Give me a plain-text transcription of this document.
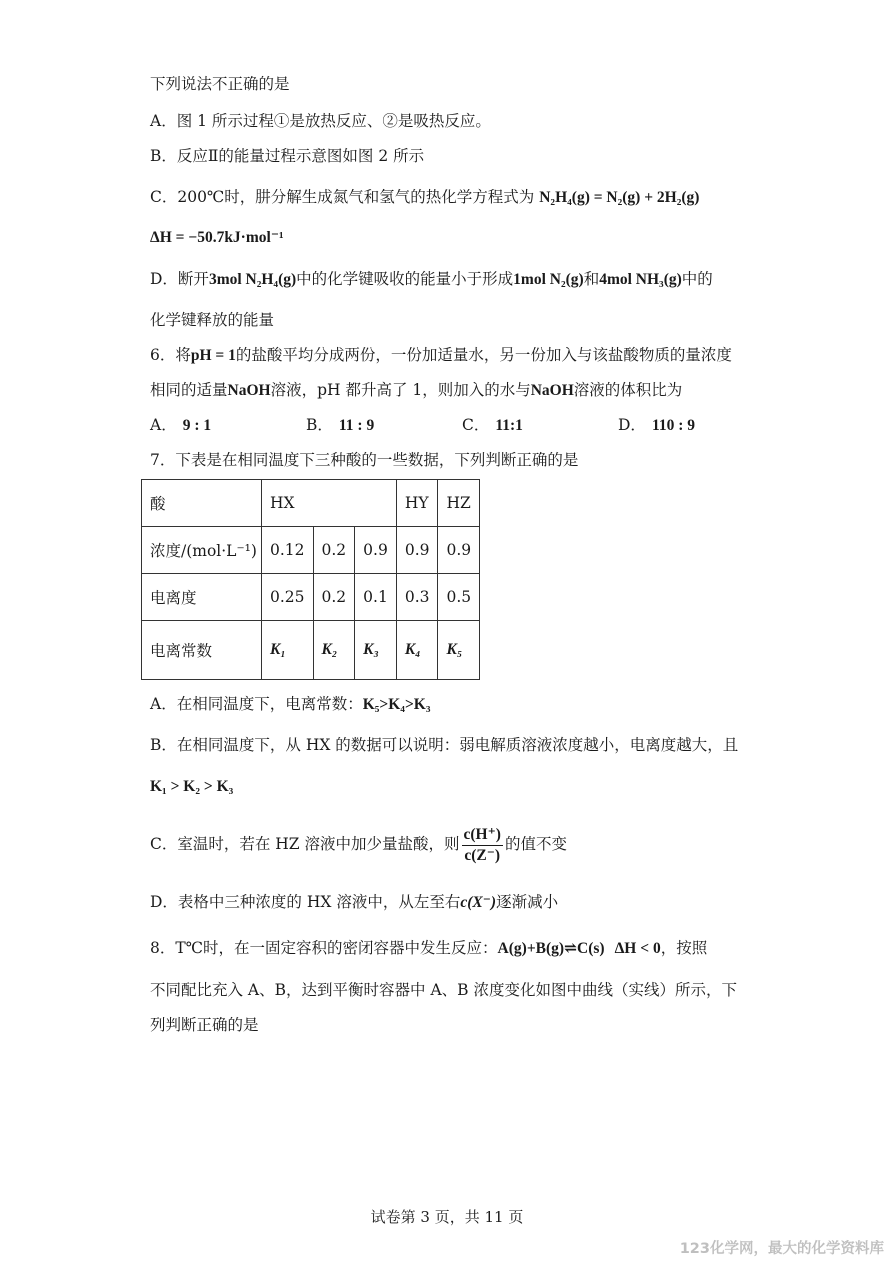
下列说法不正确的是
A．图 1 所示过程①是放热反应、②是吸热反应。
B．反应Ⅱ的能量过程示意图如图 2 所示
C．200℃时，肼分解生成氮气和氢气的热化学方程式为 N₂H₄(g) = N₂(g) + 2H₂(g)
ΔH = −50.7kJ·mol⁻¹
D．断开3mol N₂H₄(g)中的化学键吸收的能量小于形成1mol N₂(g)和4mol NH₃(g)中的
化学键释放的能量
6．将pH = 1的盐酸平均分成两份，一份加适量水，另一份加入与该盐酸物质的量浓度
相同的适量NaOH溶液，pH 都升高了 1，则加入的水与NaOH溶液的体积比为
A． 9 : 1	B． 11 : 9	C． 11:1	D． 110 : 9
7．下表是在相同温度下三种酸的一些数据，下列判断正确的是
酸	HX			HY	HZ
浓度/(mol·L⁻¹)	0.12	0.2	0.9	0.9	0.9
电离度	0.25	0.2	0.1	0.3	0.5
电离常数	K₁	K₂	K₃	K₄	K₅
A．在相同温度下，电离常数：K₅>K₄>K₃
B．在相同温度下，从 HX 的数据可以说明：弱电解质溶液浓度越小，电离度越大，且
K₁ > K₂ > K₃
C．室温时，若在 HZ 溶液中加少量盐酸，则 $\frac{c(H^+)}{c(Z^-)}$ 的值不变
D．表格中三种浓度的 HX 溶液中，从左至右c(X⁻)逐渐减小
8．T℃时，在一固定容积的密闭容器中发生反应：A(g)+B(g)⇌C(s) ΔH < 0，按照
不同配比充入 A、B，达到平衡时容器中 A、B 浓度变化如图中曲线（实线）所示，下
列判断正确的是
试卷第 3 页，共 11 页
123化学网，最大的化学资料库
